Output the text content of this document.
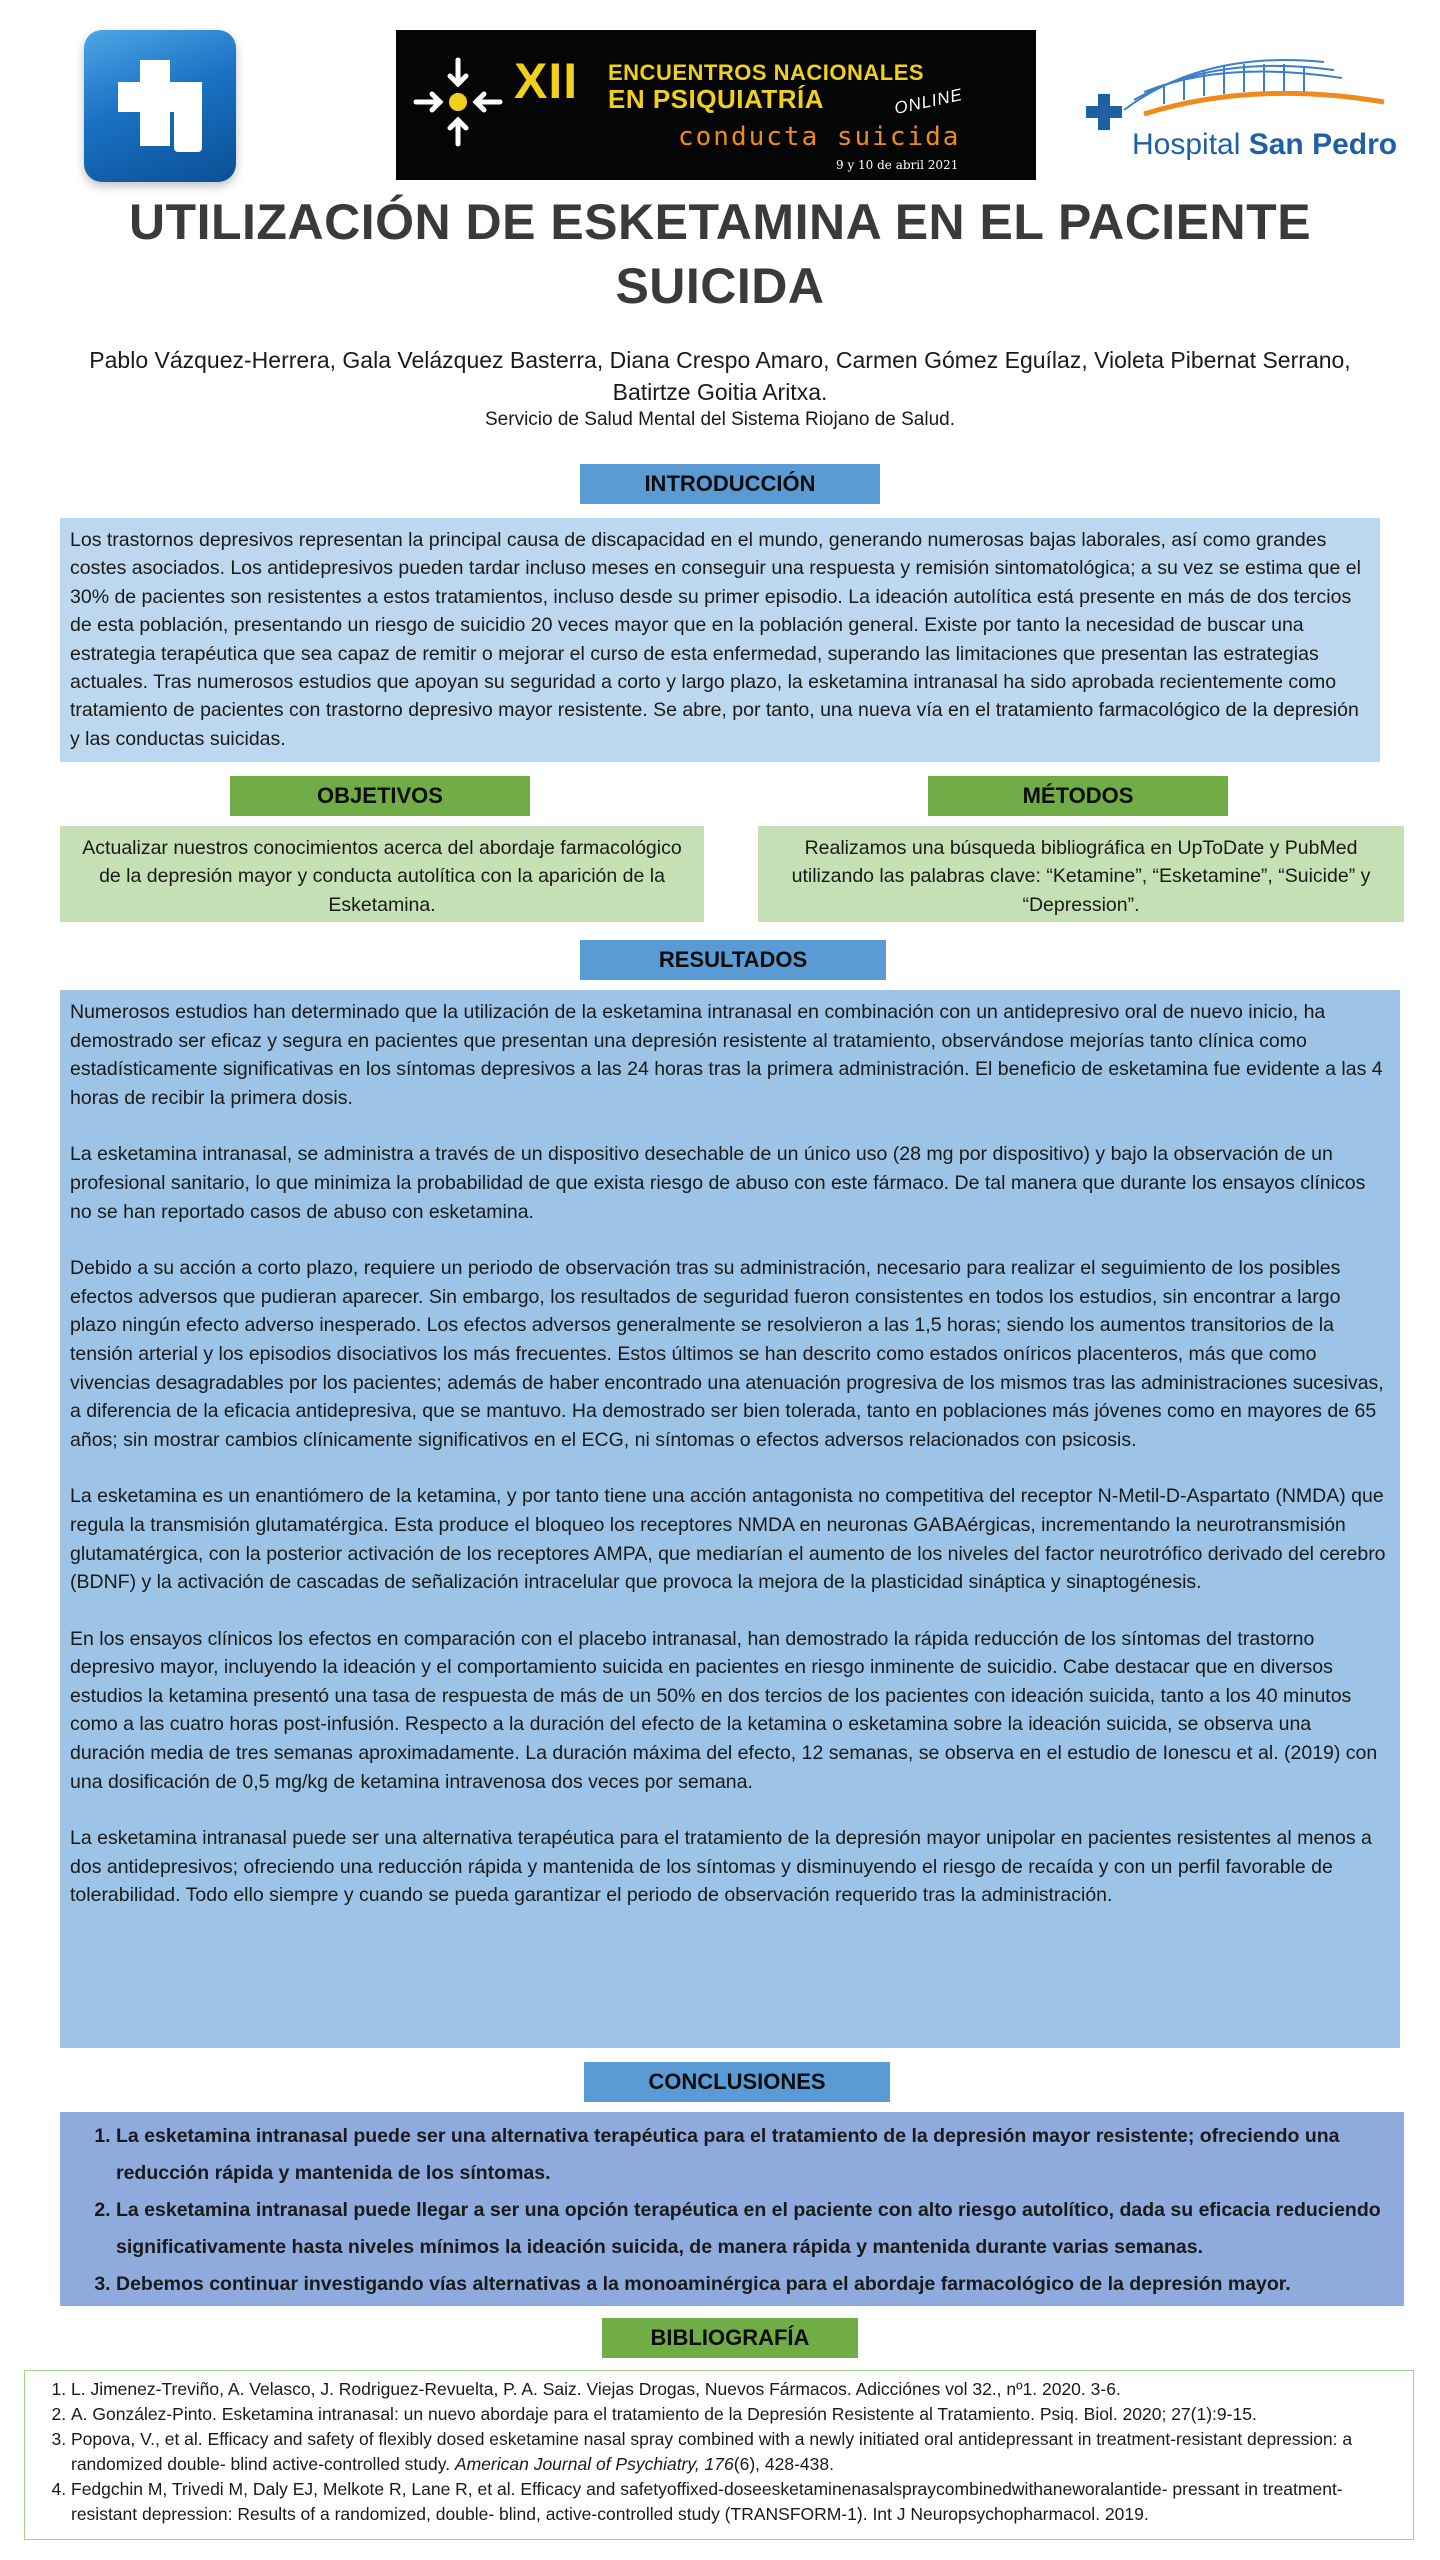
XII ENCUENTROS NACIONALES
EN PSIQUIATRÍA	ONLINE
conducta suicida
9 y 10 de abril 2021
Hospital San Pedro
UTILIZACIÓN DE ESKETAMINA EN EL PACIENTE SUICIDA

Pablo Vázquez-Herrera, Gala Velázquez Basterra, Diana Crespo Amaro, Carmen Gómez Eguílaz, Violeta Pibernat Serrano, Batirtze Goitia Aritxa.

Servicio de Salud Mental del Sistema Riojano de Salud.

INTRODUCCIÓN

Los trastornos depresivos representan la principal causa de discapacidad en el mundo, generando numerosas bajas laborales, así como grandes costes asociados. Los antidepresivos pueden tardar incluso meses en conseguir una respuesta y remisión sintomatológica; a su vez se estima que el 30% de pacientes son resistentes a estos tratamientos, incluso desde su primer episodio. La ideación autolítica está presente en más de dos tercios de esta población, presentando un riesgo de suicidio 20 veces mayor que en la población general. Existe por tanto la necesidad de buscar una estrategia terapéutica que sea capaz de remitir o mejorar el curso de esta enfermedad, superando las limitaciones que presentan las estrategias actuales. Tras numerosos estudios que apoyan su seguridad a corto y largo plazo, la esketamina intranasal ha sido aprobada recientemente como tratamiento de pacientes con trastorno depresivo mayor resistente. Se abre, por tanto, una nueva vía en el tratamiento farmacológico de la depresión y las conductas suicidas.

OBJETIVOS	MÉTODOS
Actualizar nuestros conocimientos acerca del abordaje farmacológico de la depresión mayor y conducta autolítica con la aparición de la Esketamina.
Realizamos una búsqueda bibliográfica en UpToDate y PubMed utilizando las palabras clave: “Ketamine”, “Esketamine”, “Suicide” y “Depression”.
RESULTADOS

Numerosos estudios han determinado que la utilización de la esketamina intranasal en combinación con un antidepresivo oral de nuevo inicio, ha demostrado ser eficaz y segura en pacientes que presentan una depresión resistente al tratamiento, observándose mejorías tanto clínica como estadísticamente significativas en los síntomas depresivos a las 24 horas tras la primera administración. El beneficio de esketamina fue evidente a las 4 horas de recibir la primera dosis.

La esketamina intranasal, se administra a través de un dispositivo desechable de un único uso (28 mg por dispositivo) y bajo la observación de un profesional sanitario, lo que minimiza la probabilidad de que exista riesgo de abuso con este fármaco. De tal manera que durante los ensayos clínicos no se han reportado casos de abuso con esketamina.

Debido a su acción a corto plazo, requiere un periodo de observación tras su administración, necesario para realizar el seguimiento de los posibles efectos adversos que pudieran aparecer. Sin embargo, los resultados de seguridad fueron consistentes en todos los estudios, sin encontrar a largo plazo ningún efecto adverso inesperado. Los efectos adversos generalmente se resolvieron a las 1,5 horas; siendo los aumentos transitorios de la tensión arterial y los episodios disociativos los más frecuentes. Estos últimos se han descrito como estados oníricos placenteros, más que como vivencias desagradables por los pacientes; además de haber encontrado una atenuación progresiva de los mismos tras las administraciones sucesivas, a diferencia de la eficacia antidepresiva, que se mantuvo. Ha demostrado ser bien tolerada, tanto en poblaciones más jóvenes como en mayores de 65 años; sin mostrar cambios clínicamente significativos en el ECG, ni síntomas o efectos adversos relacionados con psicosis.

La esketamina es un enantiómero de la ketamina, y por tanto tiene una acción antagonista no competitiva del receptor N-Metil-D-Aspartato (NMDA) que regula la transmisión glutamatérgica. Esta produce el bloqueo los receptores NMDA en neuronas GABAérgicas, incrementando la neurotransmisión glutamatérgica, con la posterior activación de los receptores AMPA, que mediarían el aumento de los niveles del factor neurotrófico derivado del cerebro (BDNF) y la activación de cascadas de señalización intracelular que provoca la mejora de la plasticidad sináptica y sinaptogénesis.

En los ensayos clínicos los efectos en comparación con el placebo intranasal, han demostrado la rápida reducción de los síntomas del trastorno depresivo mayor, incluyendo la ideación y el comportamiento suicida en pacientes en riesgo inminente de suicidio. Cabe destacar que en diversos estudios la ketamina presentó una tasa de respuesta de más de un 50% en dos tercios de los pacientes con ideación suicida, tanto a los 40 minutos como a las cuatro horas post-infusión. Respecto a la duración del efecto de la ketamina o esketamina sobre la ideación suicida, se observa una duración media de tres semanas aproximadamente. La duración máxima del efecto, 12 semanas, se observa en el estudio de Ionescu et al. (2019) con una dosificación de 0,5 mg/kg de ketamina intravenosa dos veces por semana.

La esketamina intranasal puede ser una alternativa terapéutica para el tratamiento de la depresión mayor unipolar en pacientes resistentes al menos a dos antidepresivos; ofreciendo una reducción rápida y mantenida de los síntomas y disminuyendo el riesgo de recaída y con un perfil favorable de tolerabilidad. Todo ello siempre y cuando se pueda garantizar el periodo de observación requerido tras la administración.

CONCLUSIONES
1. La esketamina intranasal puede ser una alternativa terapéutica para el tratamiento de la depresión mayor resistente; ofreciendo una reducción rápida y mantenida de los síntomas.
2. La esketamina intranasal puede llegar a ser una opción terapéutica en el paciente con alto riesgo autolítico, dada su eficacia reduciendo significativamente hasta niveles mínimos la ideación suicida, de manera rápida y mantenida durante varias semanas.
3. Debemos continuar investigando vías alternativas a la monoaminérgica para el abordaje farmacológico de la depresión mayor.
BIBLIOGRAFÍA
1. L. Jimenez-Treviño, A. Velasco, J. Rodriguez-Revuelta, P. A. Saiz. Viejas Drogas, Nuevos Fármacos. Adicciónes vol 32., nº1. 2020. 3-6.
2. A. González-Pinto. Esketamina intranasal: un nuevo abordaje para el tratamiento de la Depresión Resistente al Tratamiento. Psiq. Biol. 2020; 27(1):9-15.
3. Popova, V., et al. Efficacy and safety of flexibly dosed esketamine nasal spray combined with a newly initiated oral antidepressant in treatment-resistant depression: a randomized double- blind active-controlled study. American Journal of Psychiatry, 176(6), 428-438.
4. Fedgchin M, Trivedi M, Daly EJ, Melkote R, Lane R, et al. Efficacy and safetyoffixed-doseesketaminenasalspraycombinedwithaneworalantide- pressant in treatment-resistant depression: Results of a randomized, double- blind, active-controlled study (TRANSFORM-1). Int J Neuropsychopharmacol. 2019.
